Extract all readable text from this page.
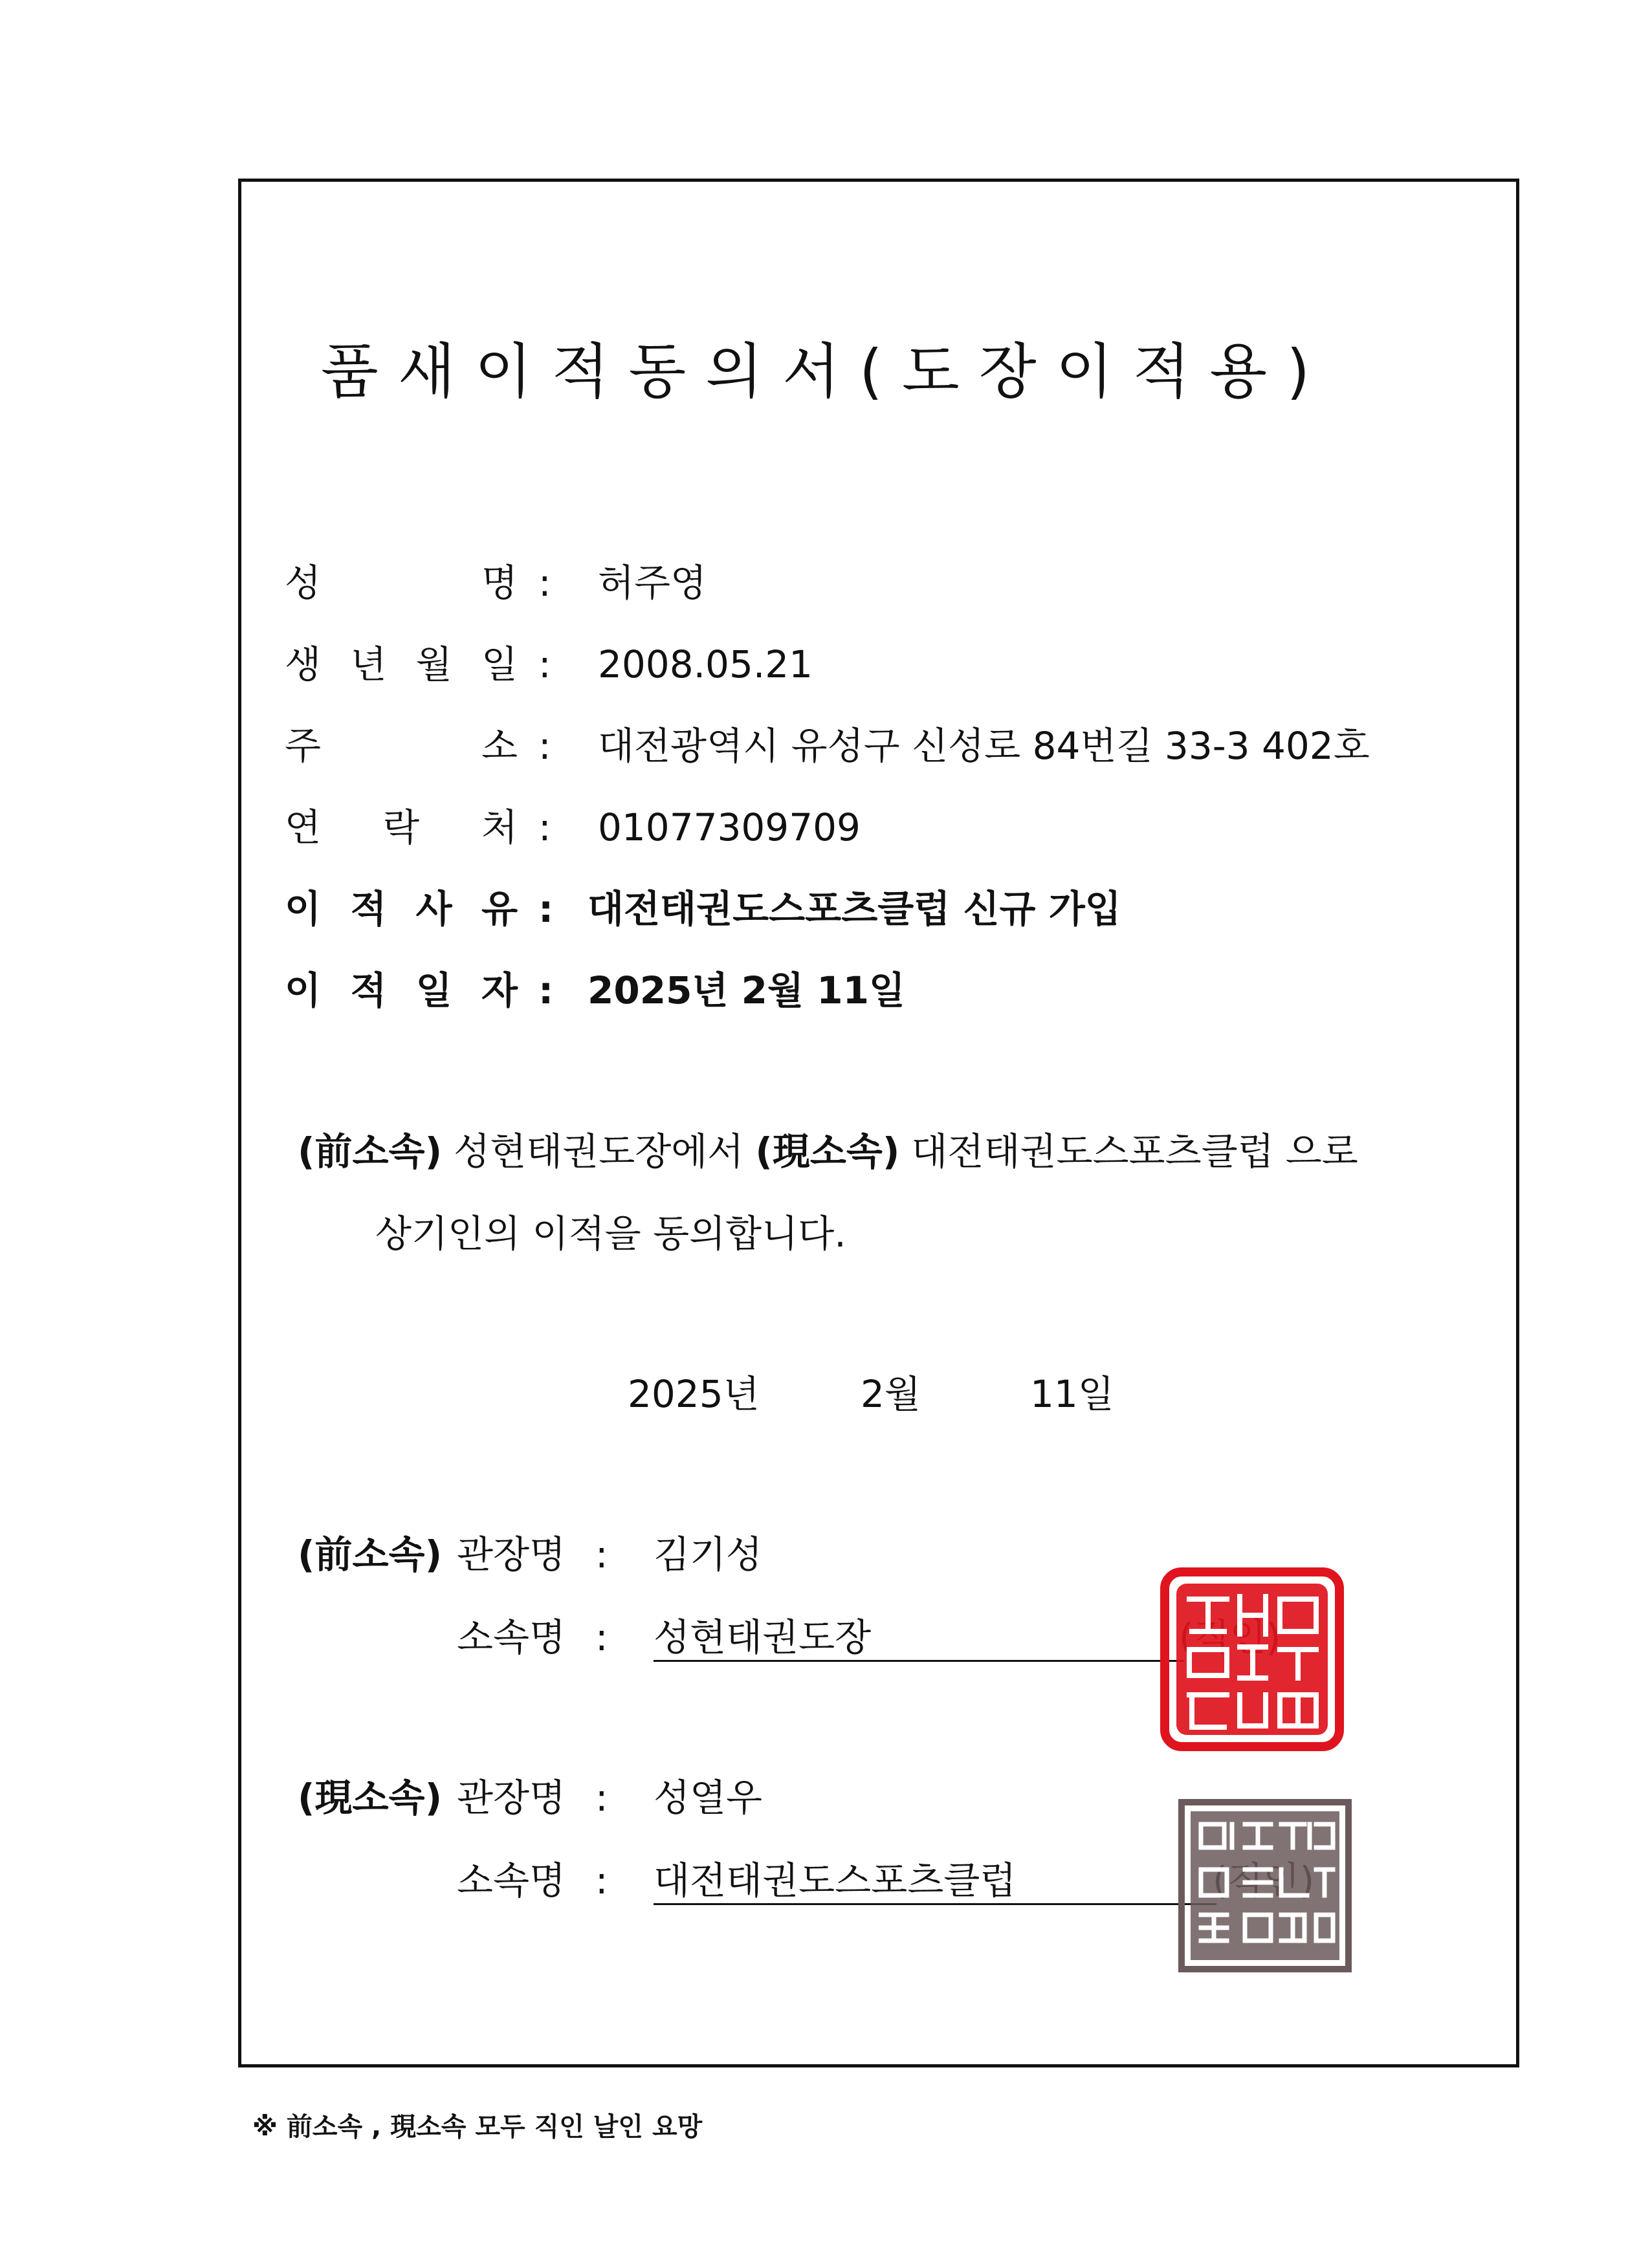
품새이적동의서(도장이적용)
성	명 : 허주영
생 년 월 일 : 2008.05.21
주	소 : 대전광역시 유성구 신성로 84번길 33-3 402호
연 락 처 : 01077309709
이 적 사 유 : 대전태권도스포츠클럽 신규 가입
이 적 일 자 : 2025년 2월 11일
(前소속) 성현태권도장에서 (現소속) 대전태권도스포츠클럽 으로
상기인의 이적을 동의합니다.
2025년	2월	11일
(前소속) 관장명 : 김기성
소속명 : 성현태권도장
(現소속) 관장명 : 성열우
소속명 : 대전태권도스포츠클럽
※ 前소속 , 現소속 모두 직인 날인 요망
